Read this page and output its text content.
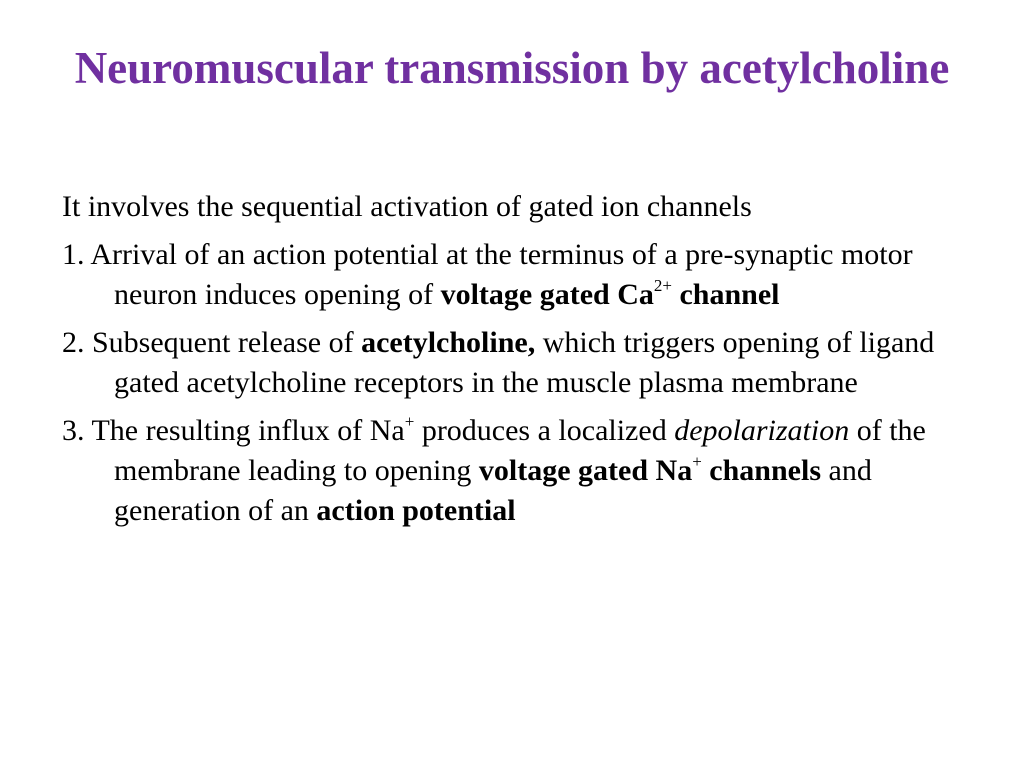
Neuromuscular transmission by acetylcholine

It involves the sequential activation of gated ion channels

1. Arrival of an action potential at the terminus of a pre-synaptic motor neuron induces opening of voltage gated $Ca^{2+}$ channel

2. Subsequent release of acetylcholine, which triggers opening of ligand gated acetylcholine receptors in the muscle plasma membrane

3. The resulting influx of Na+ produces a localized depolarization of the membrane leading to opening voltage gated Na+ channels and generation of an action potential
